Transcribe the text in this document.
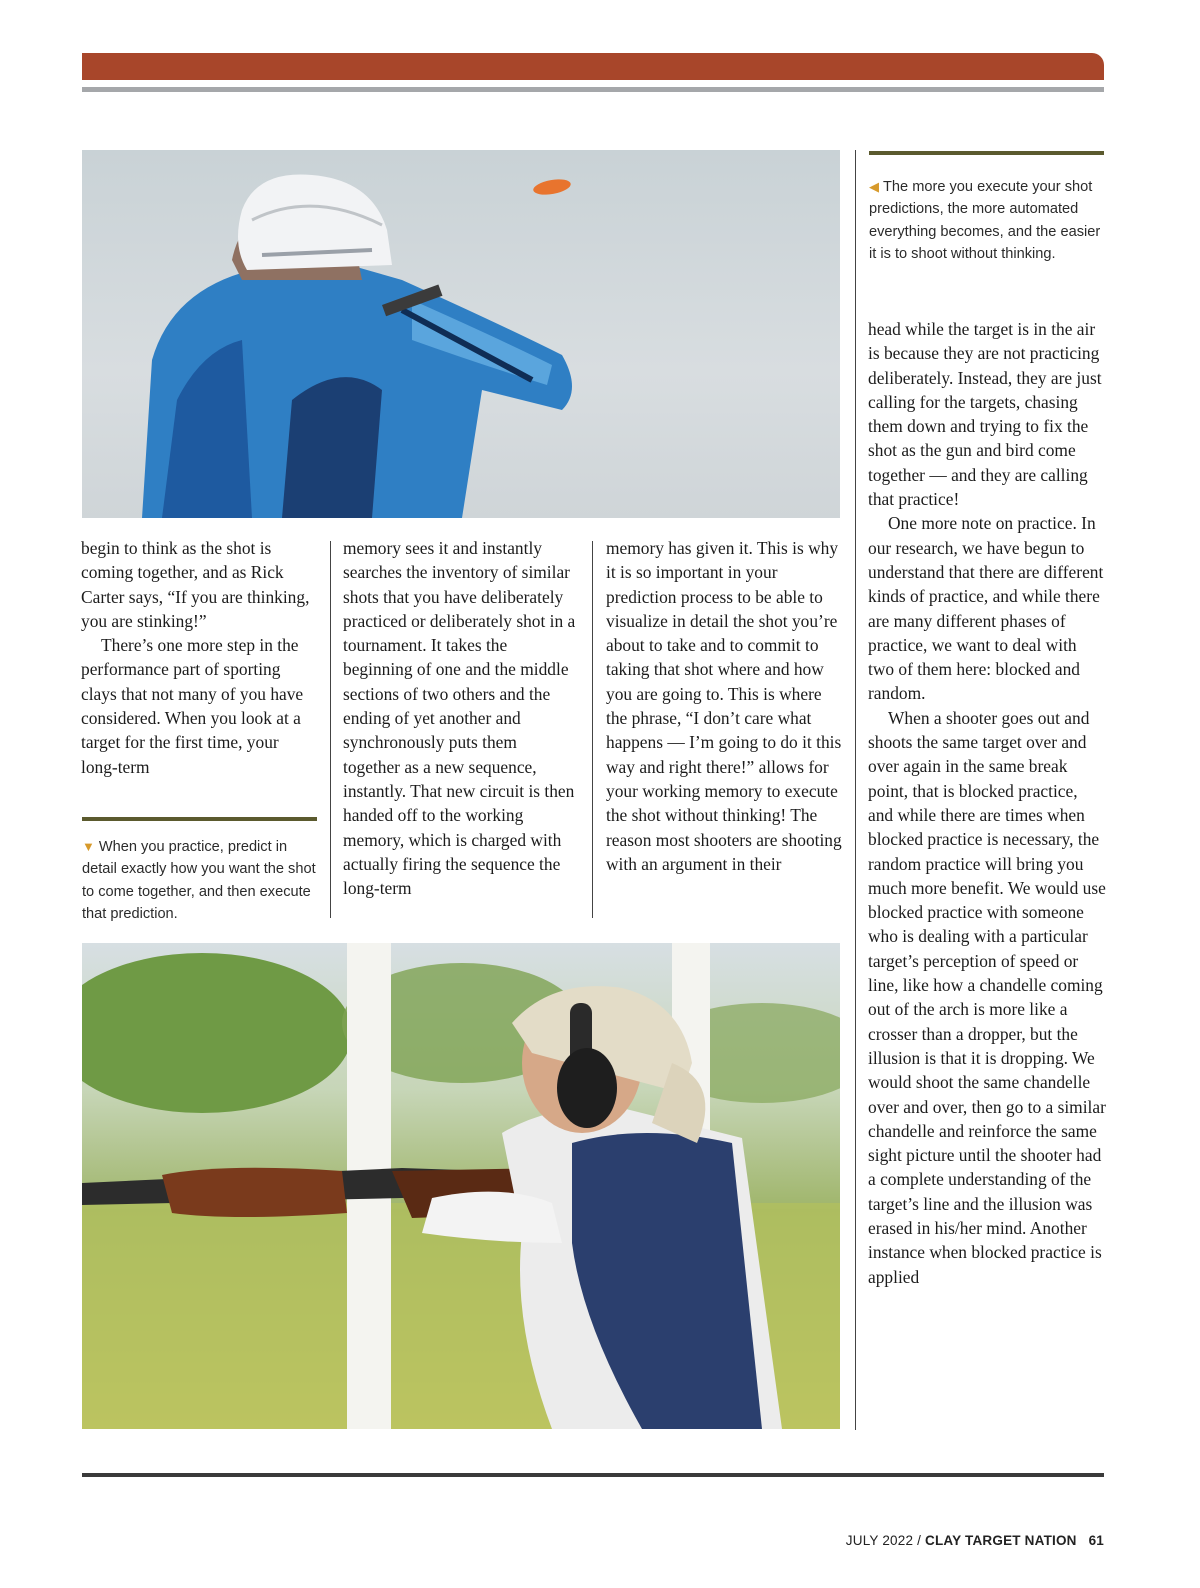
◀ The more you execute your shot predictions, the more automated everything becomes, and the easier it is to shoot without thinking.
▼ When you practice, predict in detail exactly how you want the shot to come together, and then execute that prediction.

begin to think as the shot is coming together, and as Rick Carter says, “If you are thinking, you are stinking!”

There’s one more step in the performance part of sporting clays that not many of you have considered. When you look at a target for the first time, your long-term

memory sees it and instantly searches the inventory of similar shots that you have deliberately practiced or deliberately shot in a tournament. It takes the beginning of one and the middle sections of two others and the ending of yet another and synchronously puts them together as a new sequence, instantly. That new circuit is then handed off to the working memory, which is charged with actually firing the sequence the long-term

memory has given it. This is why it is so important in your prediction process to be able to visualize in detail the shot you’re about to take and to commit to taking that shot where and how you are going to. This is where the phrase, “I don’t care what happens — I’m going to do it this way and right there!” allows for your working memory to execute the shot without thinking! The reason most shooters are shooting with an argument in their

head while the target is in the air is because they are not practicing deliberately. Instead, they are just calling for the targets, chasing them down and trying to fix the shot as the gun and bird come together — and they are calling that practice!

One more note on practice. In our research, we have begun to understand that there are different kinds of practice, and while there are many different phases of practice, we want to deal with two of them here: blocked and random.

When a shooter goes out and shoots the same target over and over again in the same break point, that is blocked practice, and while there are times when blocked practice is necessary, the random practice will bring you much more benefit. We would use blocked practice with someone who is dealing with a particular target’s perception of speed or line, like how a chandelle coming out of the arch is more like a crosser than a dropper, but the illusion is that it is dropping. We would shoot the same chandelle over and over, then go to a similar chandelle and reinforce the same sight picture until the shooter had a complete understanding of the target’s line and the illusion was erased in his/her mind. Another instance when blocked practice is applied

JULY 2022 / CLAY TARGET NATION 61
